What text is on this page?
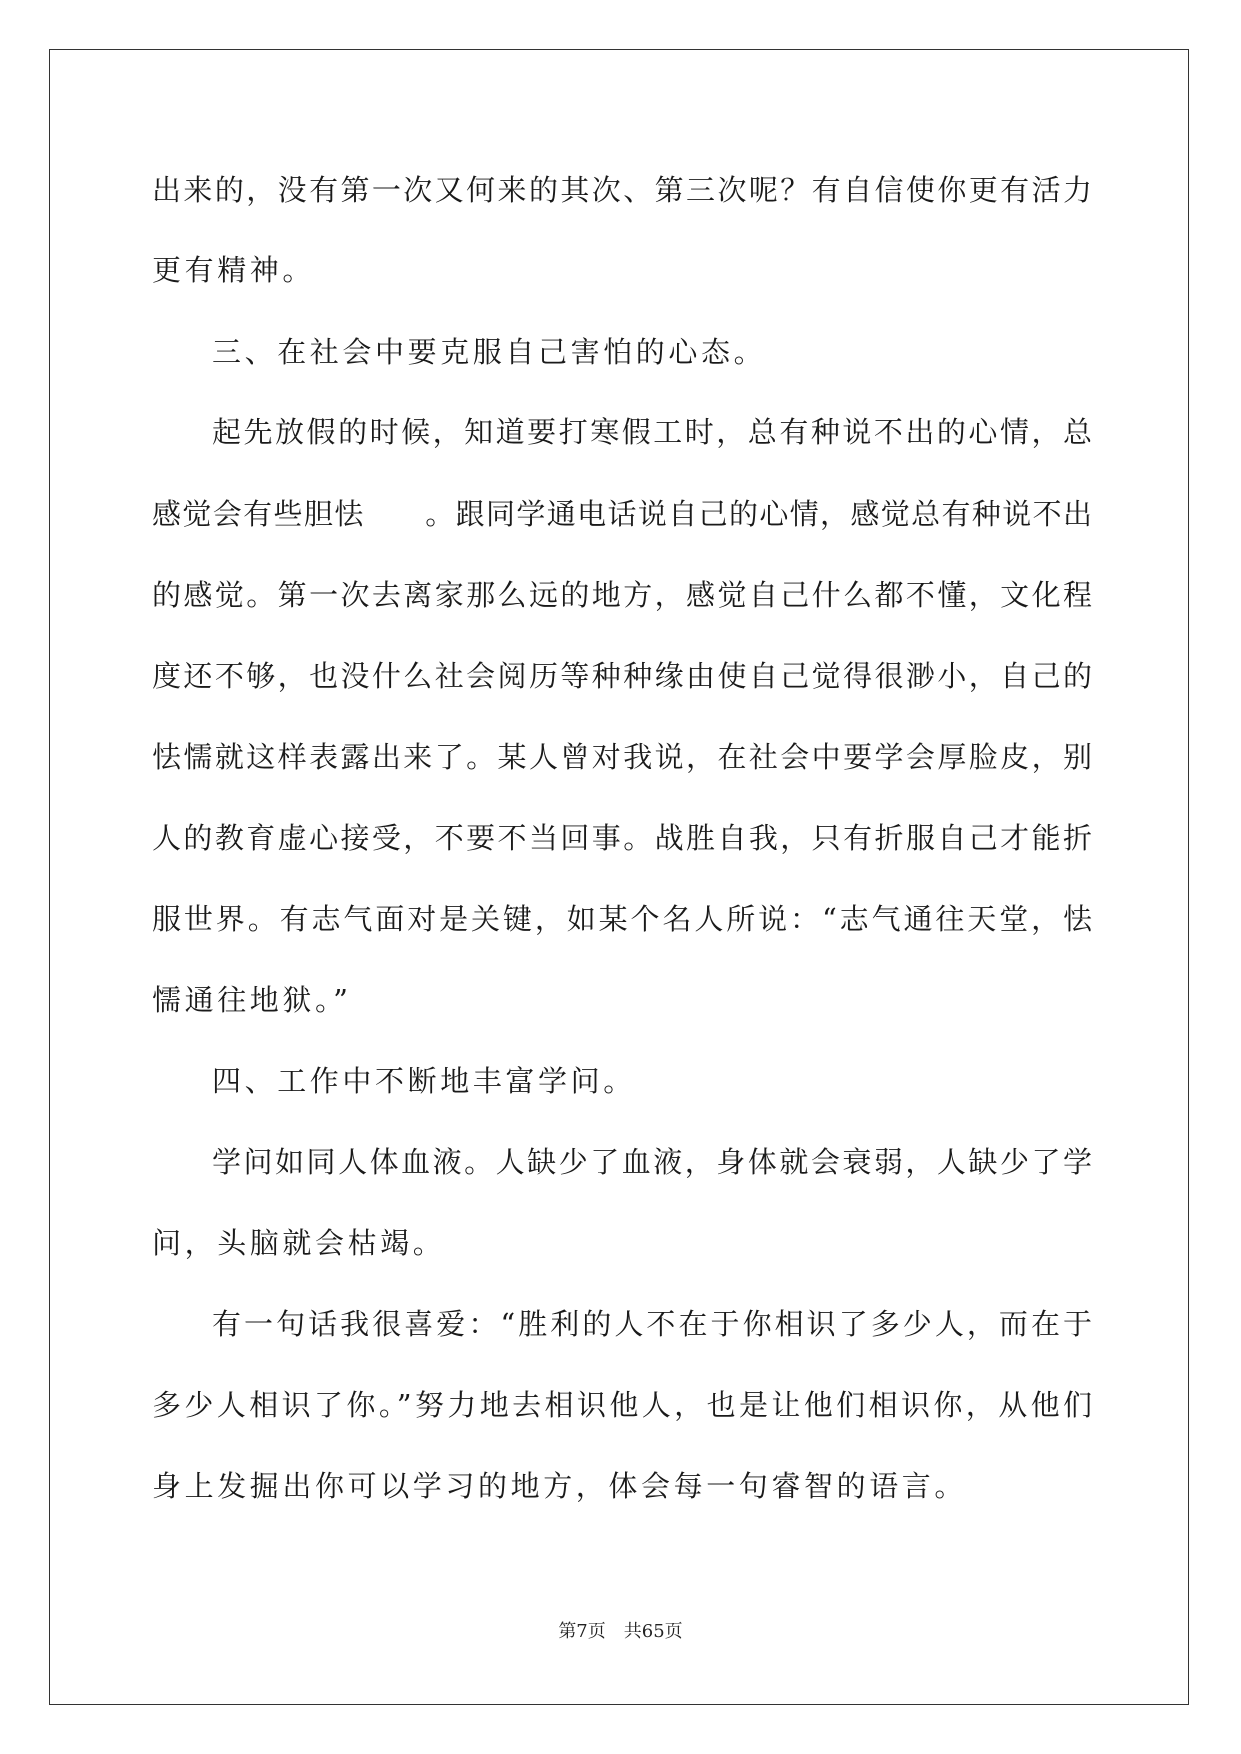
出来的，没有第一次又何来的其次、第三次呢？有自信使你更有活力
更有精神。
三、在社会中要克服自己害怕的心态。
起先放假的时候，知道要打寒假工时，总有种说不出的心情，总
感觉会有些胆怯　　。跟同学通电话说自己的心情，感觉总有种说不出
的感觉。第一次去离家那么远的地方，感觉自己什么都不懂，文化程
度还不够，也没什么社会阅历等种种缘由使自己觉得很渺小，自己的
怯懦就这样表露出来了。某人曾对我说，在社会中要学会厚脸皮，别
人的教育虚心接受，不要不当回事。战胜自我，只有折服自己才能折
服世界。有志气面对是关键，如某个名人所说：“志气通往天堂，怯
懦通往地狱。”
四、工作中不断地丰富学问。
学问如同人体血液。人缺少了血液，身体就会衰弱，人缺少了学
问，头脑就会枯竭。
有一句话我很喜爱：“胜利的人不在于你相识了多少人，而在于
多少人相识了你。”努力地去相识他人，也是让他们相识你，从他们
身上发掘出你可以学习的地方，体会每一句睿智的语言。
第7页　共65页
